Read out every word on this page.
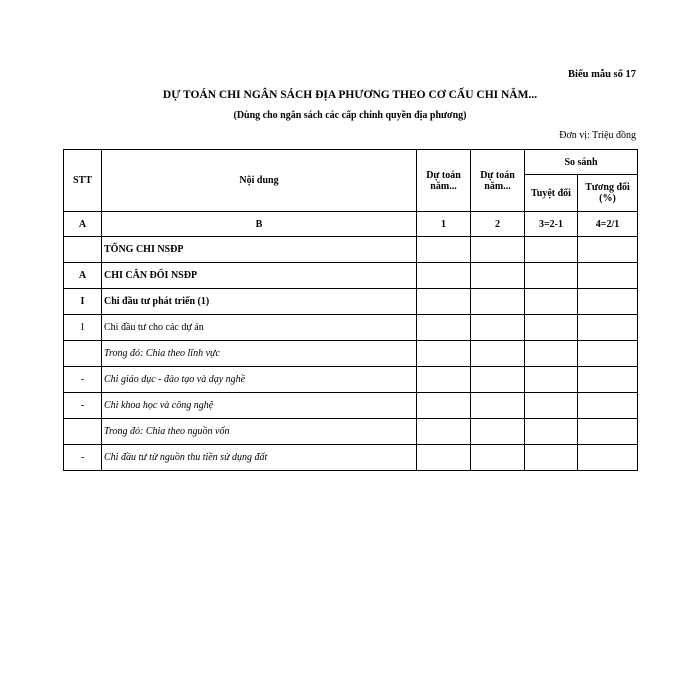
Biểu mẫu số 17
DỰ TOÁN CHI NGÂN SÁCH ĐỊA PHƯƠNG THEO CƠ CẤU CHI NĂM...
(Dùng cho ngân sách các cấp chính quyền địa phương)
Đơn vị: Triệu đồng
STT	Nội dung	Dự toán năm...	Dự toán năm...	So sánh	
				Tuyệt đối	Tương đối (%)
A	B	1	2	3=2-1	4=2/1
	TỔNG CHI NSĐP				
A	CHI CÂN ĐỐI NSĐP				
I	Chi đầu tư phát triển (1)				
1	Chi đầu tư cho các dự án				
	Trong đó: Chia theo lĩnh vực				
-	Chi giáo dục - đào tạo và dạy nghề				
-	Chi khoa học và công nghệ				
	Trong đó: Chia theo nguồn vốn				
-	Chi đầu tư từ nguồn thu tiền sử dụng đất				
